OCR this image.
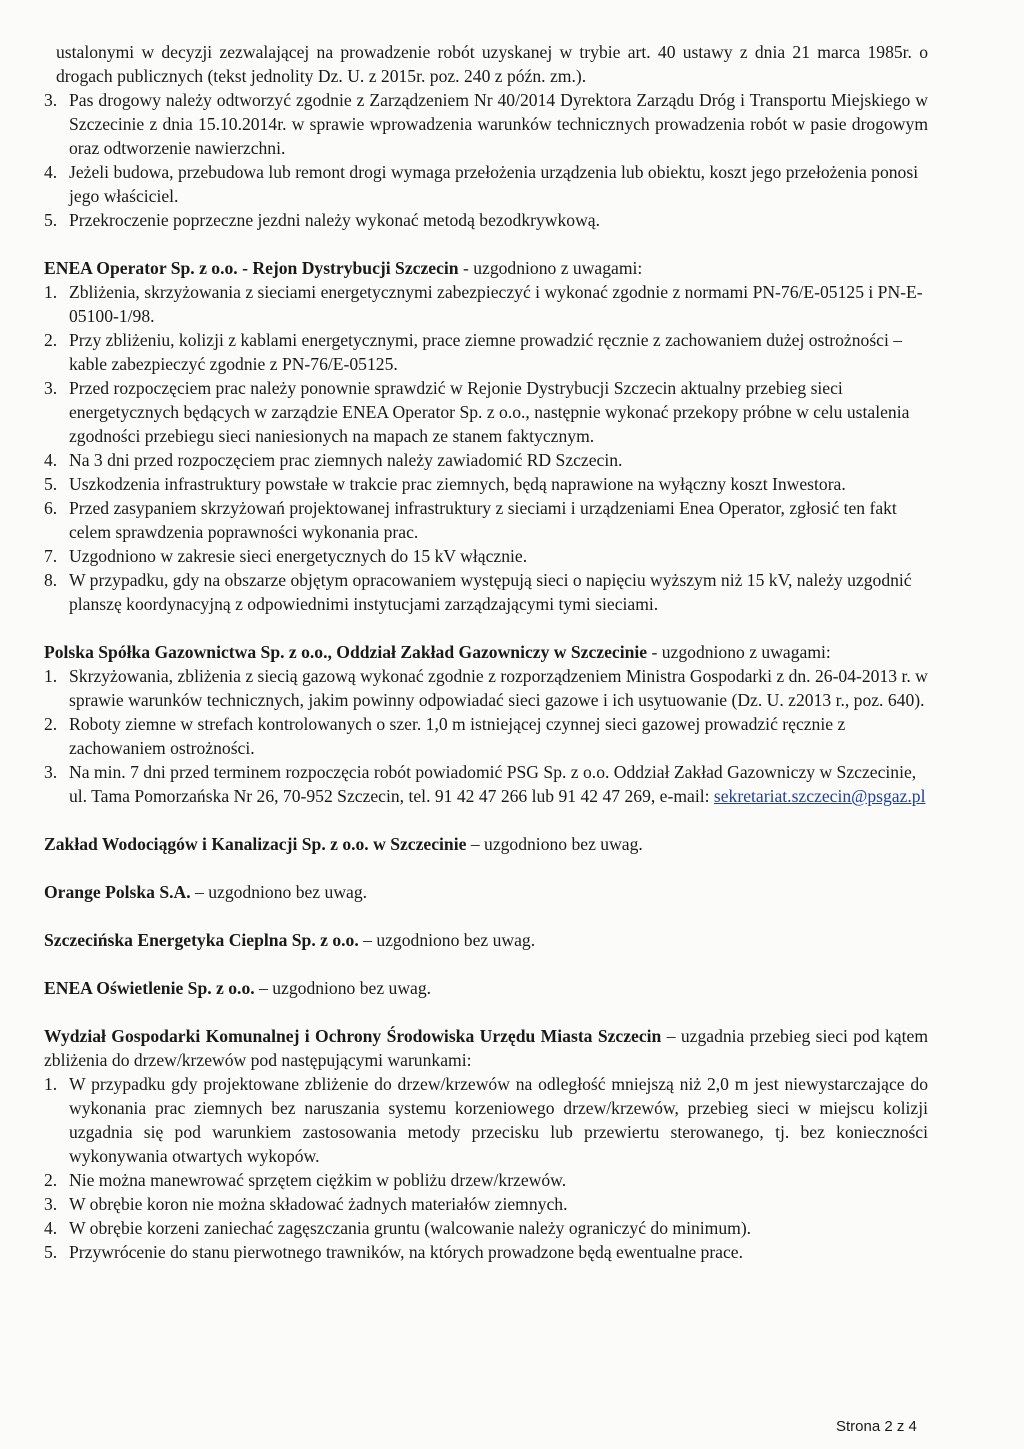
ustalonymi w decyzji zezwalającej na prowadzenie robót uzyskanej w trybie art. 40 ustawy z dnia 21 marca 1985r. o drogach publicznych (tekst jednolity Dz. U. z 2015r. poz. 240 z późn. zm.).

3. Pas drogowy należy odtworzyć zgodnie z Zarządzeniem Nr 40/2014 Dyrektora Zarządu Dróg i Transportu Miejskiego w Szczecinie z dnia 15.10.2014r. w sprawie wprowadzenia warunków technicznych prowadzenia robót w pasie drogowym oraz odtworzenie nawierzchni.
4. Jeżeli budowa, przebudowa lub remont drogi wymaga przełożenia urządzenia lub obiektu, koszt jego przełożenia ponosi jego właściciel.
5. Przekroczenie poprzeczne jezdni należy wykonać metodą bezodkrywkową.

ENEA Operator Sp. z o.o. - Rejon Dystrybucji Szczecin - uzgodniono z uwagami:

1. Zbliżenia, skrzyżowania z sieciami energetycznymi zabezpieczyć i wykonać zgodnie z normami PN-76/E-05125 i PN-E-05100-1/98.
2. Przy zbliżeniu, kolizji z kablami energetycznymi, prace ziemne prowadzić ręcznie z zachowaniem dużej ostrożności – kable zabezpieczyć zgodnie z PN-76/E-05125.
3. Przed rozpoczęciem prac należy ponownie sprawdzić w Rejonie Dystrybucji Szczecin aktualny przebieg sieci energetycznych będących w zarządzie ENEA Operator Sp. z o.o., następnie wykonać przekopy próbne w celu ustalenia zgodności przebiegu sieci naniesionych na mapach ze stanem faktycznym.
4. Na 3 dni przed rozpoczęciem prac ziemnych należy zawiadomić RD Szczecin.
5. Uszkodzenia infrastruktury powstałe w trakcie prac ziemnych, będą naprawione na wyłączny koszt Inwestora.
6. Przed zasypaniem skrzyżowań projektowanej infrastruktury z sieciami i urządzeniami Enea Operator, zgłosić ten fakt celem sprawdzenia poprawności wykonania prac.
7. Uzgodniono w zakresie sieci energetycznych do 15 kV włącznie.
8. W przypadku, gdy na obszarze objętym opracowaniem występują sieci o napięciu wyższym niż 15 kV, należy uzgodnić planszę koordynacyjną z odpowiednimi instytucjami zarządzającymi tymi sieciami.

Polska Spółka Gazownictwa Sp. z o.o., Oddział Zakład Gazowniczy w Szczecinie - uzgodniono z uwagami:

1. Skrzyżowania, zbliżenia z siecią gazową wykonać zgodnie z rozporządzeniem Ministra Gospodarki z dn. 26-04-2013 r. w sprawie warunków technicznych, jakim powinny odpowiadać sieci gazowe i ich usytuowanie (Dz. U. z2013 r., poz. 640).
2. Roboty ziemne w strefach kontrolowanych o szer. 1,0 m istniejącej czynnej sieci gazowej prowadzić ręcznie z zachowaniem ostrożności.
3. Na min. 7 dni przed terminem rozpoczęcia robót powiadomić PSG Sp. z o.o. Oddział Zakład Gazowniczy w Szczecinie, ul. Tama Pomorzańska Nr 26, 70-952 Szczecin, tel. 91 42 47 266 lub 91 42 47 269, e-mail: sekretariat.szczecin@psgaz.pl

Zakład Wodociągów i Kanalizacji Sp. z o.o. w Szczecinie – uzgodniono bez uwag.

Orange Polska S.A. – uzgodniono bez uwag.

Szczecińska Energetyka Cieplna Sp. z o.o. – uzgodniono bez uwag.

ENEA Oświetlenie Sp. z o.o. – uzgodniono bez uwag.

Wydział Gospodarki Komunalnej i Ochrony Środowiska Urzędu Miasta Szczecin – uzgadnia przebieg sieci pod kątem zbliżenia do drzew/krzewów pod następującymi warunkami:

1. W przypadku gdy projektowane zbliżenie do drzew/krzewów na odległość mniejszą niż 2,0 m jest niewystarczające do wykonania prac ziemnych bez naruszania systemu korzeniowego drzew/krzewów, przebieg sieci w miejscu kolizji uzgadnia się pod warunkiem zastosowania metody przecisku lub przewiertu sterowanego, tj. bez konieczności wykonywania otwartych wykopów.
2. Nie można manewrować sprzętem ciężkim w pobliżu drzew/krzewów.
3. W obrębie koron nie można składować żadnych materiałów ziemnych.
4. W obrębie korzeni zaniechać zagęszczania gruntu (walcowanie należy ograniczyć do minimum).
5. Przywrócenie do stanu pierwotnego trawników, na których prowadzone będą ewentualne prace.
Strona 2 z 4
